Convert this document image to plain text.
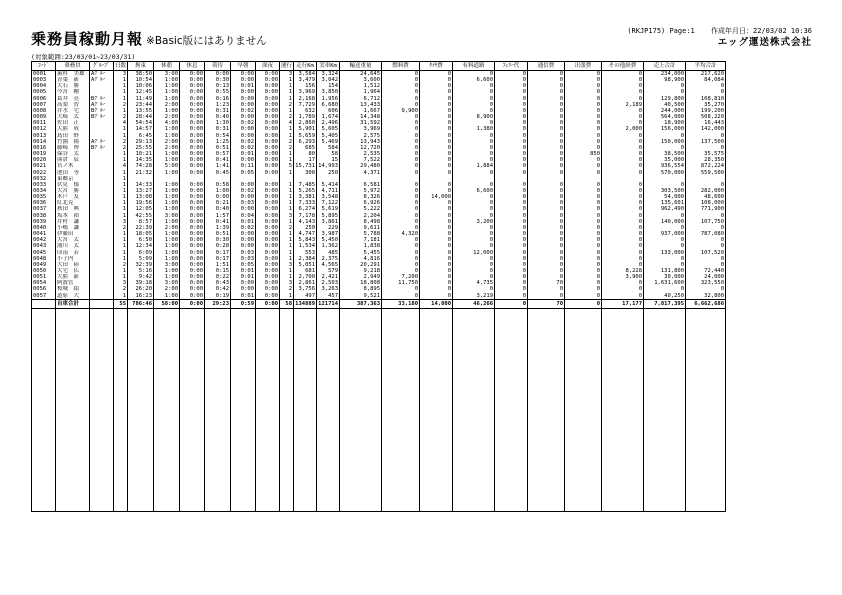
乗務員稼動月報 ※Basic版にはありません
(RKJP175) Page:1 作成年月日：22/03/02 10:36
エッグ運送株式会社
(対象範囲:23/03/01~23/03/31)
ｺｰﾄﾞ	乗務員	ｸﾞﾙｰﾌﾟ	日数	拘束	休憩	休息	荷待	早朝	深夜	運行	走行Km	実車Km	輸送重量	燃料費	ﾀｲﾔ費	有料道路	ﾌｪﾘｰ代	通信費	出張費	その他経費	売上合計	平均合計
0001	歯科　美雄	Aｸﾞﾙｰ	3	38:50	3:00	0:00	0:00	0:00	0:00	3	3,584	3,324	24,645	0	0	0	0	0	0	0	234,000	217,620
0003	青葉　新	Aｸﾞﾙｰ	1	10:54	1:00	0:00	0:30	0:00	0:00	1	3,479	3,042	3,600	0	0	6,600	0	0	0	0	98,900	84,084
0004	大石　勝		1	10:06	1:00	0:00	0:13	0:01	0:00	1	156	154	1,512	0	0	0	0	0	0	0	0	0
0005	今宮　剛		1	12:45	1:00	0:00	0:55	0:00	0:00	1	3,969	3,850	1,964	0	0	0	0	0	0	0	0	0
0006	葛井　亮	Bｸﾞﾙｰ	1	11:49	1:00	0:00	0:16	0:00	0:00	1	2,168	1,956	6,712	0	0	0	0	0	0	0	129,800	108,810
0007	高梨　智	Aｸﾞﾙｰ	2	23:44	2:00	0:00	1:23	0:00	0:00	2	7,729	6,680	13,433	0	0	0	0	0	0	2,189	40,500	35,270
0008	井水　宅	Bｸﾞﾙｰ	1	13:55	1:00	0:00	0:31	0:02	0:00	1	632	606	1,667	9,900	0	0	0	0	0	0	244,000	199,200
0009	大崎　太	Bｸﾞﾙｰ	2	28:44	2:00	0:00	0:40	0:00	0:00	2	1,789	1,674	14,348	0	0	8,900	0	0	0	0	564,000	508,220
0011	佐田　正		4	54:54	4:00	0:00	1:30	0:02	0:00	4	2,860	2,496	31,592	0	0	0	0	0	0	0	18,900	16,443
0012	大熊　成		1	14:57	1:00	0:00	0:31	0:00	0:00	1	5,901	5,605	3,969	0	0	1,380	0	0	0	2,000	156,000	142,000
0013	島田　野		1	6:45	1:00	0:00	0:54	0:00	0:00	1	5,659	5,405	2,575	0	0	0	0	0	0	0	0	0
0014	竹園　揚	Aｸﾞﾙｰ	2	29:13	2:00	0:00	1:25	0:02	0:00	2	6,293	5,469	13,943	0	0	0	0	0	0	0	150,000	137,500
0016	藤崎　博	Bｸﾞﾙｰ	2	25:55	2:00	0:00	0:51	0:02	0:00	2	685	584	12,720	0	0	0	0	0	0	0	0	0
0019	保谷　太		1	10:21	1:00	0:00	0:57	0:01	0:00	1	80	58	2,535	0	0	0	0	0	850	0	38,500	35,575
0020	熊倉　辰		1	14:35	1:00	0:00	0:41	0:00	0:00	1	17	15	7,522	0	0	0	0	0	0	0	35,000	28,350
0021	宮ノ木　		4	74:28	5:00	0:00	1:41	0:11	0:00	5	15,731	14,993	29,480	0	0	1,884	0	0	0	0	936,554	872,224
0022	池田　等		1	21:32	1:00	0:00	0:45	0:05	0:00	1	308	250	4,371	0	0	0	0	0	0	0	570,000	559,500
0032	東郷京　		1																			
0033	伏見　郁		1	14:33	1:00	0:00	0:58	0:00	0:00	1	7,485	5,414	6,581	0	0	0	0	0	0	0	0	0
0034	大宮　勝		1	13:27	1:00	0:00	1:00	0:02	0:00	1	5,265	4,711	5,972	0	0	6,600	0	0	0	0	303,500	282,000
0035	木戸　友		1	13:08	1:00	0:00	0:00	0:00	0:00	1	3,381	3,548	8,326	0	14,000	0	0	0	0	0	54,000	48,600
0036	紅北克　		1	19:56	1:00	0:00	0:21	0:03	0:00	1	7,333	7,122	6,926	0	0	0	0	0	0	0	135,601	108,000
0037	秋田　典		1	12:05	1:00	0:00	0:40	0:00	0:00	1	6,274	5,619	5,222	0	0	0	0	0	0	0	962,490	771,900
0038	坂本　禎		1	42:55	3:00	0:00	1:57	0:04	0:00	3	7,178	5,895	2,204	0	0	0	0	0	0	0	0	0
0039	井村　謙		3	8:57	1:00	0:00	0:41	0:01	0:00	1	4,143	3,861	8,498	0	0	3,200	0	0	0	0	140,000	107,750
0040	小嶋　謙		2	22:39	2:00	0:00	1:39	0:02	0:00	2	250	229	9,611	0	0	0	0	0	0	0	0	0
0041	伊藤田　		1	18:05	1:00	0:00	0:51	0:00	0:00	1	4,747	3,987	5,788	4,320	0	0	0	0	0	0	937,000	787,080
0042	大宮　太		1	6:50	1:00	0:00	0:30	0:00	0:00	1	5,843	5,450	7,181	0	0	0	0	0	0	0	0	0
0043	浦川　太		1	12:34	1:00	0:00	0:28	0:00	0:00	1	1,534	1,362	1,838	0	0	0	0	0	0	0	0	0
0045	印南　若		1	6:09	1:00	0:00	0:17	0:03	0:00	1	553	485	5,455	0	0	12,000	0	0	0	0	133,000	107,520
0048	小子内　		1	5:09	1:00	0:00	0:17	0:03	0:00	1	2,384	2,375	4,816	0	0	0	0	0	0	0	0	0
0049	大田　陸		2	32:39	3:00	0:00	1:51	0:05	0:00	3	5,051	4,565	20,291	0	0	0	0	0	0	0	0	0
0050	大宅　仏		1	5:16	1:00	0:00	0:15	0:01	0:00	1	681	579	9,218	0	0	0	0	0	0	8,228	131,800	72,440
0051	大熊　新		1	9:42	1:00	0:00	0:22	0:01	0:00	1	2,700	2,421	2,949	7,200	0	0	0	0	0	3,900	30,000	24,000
0054	阿波菅　		3	39:18	3:00	0:00	0:43	0:00	0:00	3	2,861	2,503	18,808	11,750	0	4,735	0	70	0	0	1,631,600	323,550
0056	桜城　絹		2	26:20	2:00	0:00	0:42	0:00	0:00	2	3,756	3,263	8,895	0	0	0	0	0	0	0	0	0
0057	道原　大		1	16:23	1:00	0:00	0:19	0:01	0:00	1	497	457	9,521	0	0	3,219	0	0	0	0	40,250	32,800
	自車合計		55	786:46	58:00	0:00	29:23	0:59	0:00	58	134889	121714	387,363	33,180	14,000	46,266	0	70	0	17,177	7,817,395	6,662,686
